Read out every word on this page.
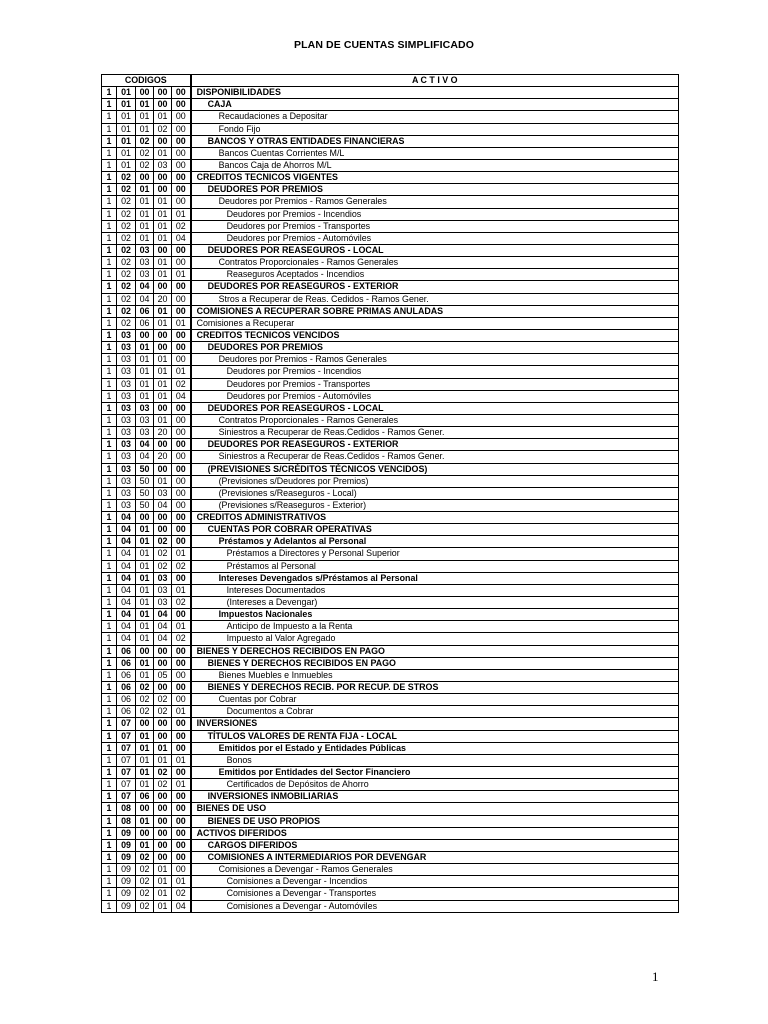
PLAN DE CUENTAS SIMPLIFICADO
CODIGOS					A C T I V O
1	01	00	00	00	DISPONIBILIDADES
1	01	01	00	00	CAJA
1	01	01	01	00	Recaudaciones a Depositar
1	01	01	02	00	Fondo Fijo
1	01	02	00	00	BANCOS Y OTRAS ENTIDADES FINANCIERAS
1	01	02	01	00	Bancos Cuentas Corrientes M/L
1	01	02	03	00	Bancos Caja de Ahorros M/L
1	02	00	00	00	CREDITOS TECNICOS VIGENTES
1	02	01	00	00	DEUDORES POR PREMIOS
1	02	01	01	00	Deudores por Premios - Ramos Generales
1	02	01	01	01	Deudores por Premios - Incendios
1	02	01	01	02	Deudores por Premios - Transportes
1	02	01	01	04	Deudores por Premios - Automóviles
1	02	03	00	00	DEUDORES POR REASEGUROS - LOCAL
1	02	03	01	00	Contratos Proporcionales - Ramos Generales
1	02	03	01	01	Reaseguros Aceptados - Incendios
1	02	04	00	00	DEUDORES POR REASEGUROS - EXTERIOR
1	02	04	20	00	Stros a Recuperar de Reas. Cedidos - Ramos Gener.
1	02	06	01	00	COMISIONES A RECUPERAR SOBRE PRIMAS ANULADAS
1	02	06	01	01	Comisiones a Recuperar
1	03	00	00	00	CREDITOS TECNICOS VENCIDOS
1	03	01	00	00	DEUDORES POR PREMIOS
1	03	01	01	00	Deudores por Premios - Ramos Generales
1	03	01	01	01	Deudores por Premios - Incendios
1	03	01	01	02	Deudores por Premios - Transportes
1	03	01	01	04	Deudores por Premios - Automóviles
1	03	03	00	00	DEUDORES POR REASEGUROS - LOCAL
1	03	03	01	00	Contratos Proporcionales - Ramos Generales
1	03	03	20	00	Siniestros a Recuperar de Reas.Cedidos - Ramos Gener.
1	03	04	00	00	DEUDORES POR REASEGUROS - EXTERIOR
1	03	04	20	00	Siniestros a Recuperar de Reas.Cedidos - Ramos Gener.
1	03	50	00	00	(PREVISIONES S/CRÉDITOS TÉCNICOS VENCIDOS)
1	03	50	01	00	(Previsiones s/Deudores por Premios)
1	03	50	03	00	(Previsiones s/Reaseguros - Local)
1	03	50	04	00	(Previsiones s/Reaseguros - Exterior)
1	04	00	00	00	CREDITOS ADMINISTRATIVOS
1	04	01	00	00	CUENTAS POR COBRAR OPERATIVAS
1	04	01	02	00	Préstamos y Adelantos al Personal
1	04	01	02	01	Préstamos a Directores y Personal Superior
1	04	01	02	02	Préstamos al Personal
1	04	01	03	00	Intereses Devengados s/Préstamos al Personal
1	04	01	03	01	Intereses Documentados
1	04	01	03	02	(Intereses a Devengar)
1	04	01	04	00	Impuestos Nacionales
1	04	01	04	01	Anticipo de Impuesto a la Renta
1	04	01	04	02	Impuesto al Valor Agregado
1	06	00	00	00	BIENES Y DERECHOS RECIBIDOS EN PAGO
1	06	01	00	00	BIENES Y DERECHOS RECIBIDOS EN PAGO
1	06	01	05	00	Bienes Muebles e Inmuebles
1	06	02	00	00	BIENES Y DERECHOS RECIB. POR RECUP. DE STROS
1	06	02	02	00	Cuentas por Cobrar
1	06	02	02	01	Documentos a Cobrar
1	07	00	00	00	INVERSIONES
1	07	01	00	00	TÍTULOS VALORES DE RENTA FIJA - LOCAL
1	07	01	01	00	Emitidos por el Estado y Entidades Públicas
1	07	01	01	01	Bonos
1	07	01	02	00	Emitidos por Entidades del Sector Financiero
1	07	01	02	01	Certificados de Depósitos de Ahorro
1	07	06	00	00	INVERSIONES INMOBILIARIAS
1	08	00	00	00	BIENES DE USO
1	08	01	00	00	BIENES DE USO PROPIOS
1	09	00	00	00	ACTIVOS DIFERIDOS
1	09	01	00	00	CARGOS DIFERIDOS
1	09	02	00	00	COMISIONES A INTERMEDIARIOS POR DEVENGAR
1	09	02	01	00	Comisiones a Devengar - Ramos Generales
1	09	02	01	01	Comisiones a Devengar - Incendios
1	09	02	01	02	Comisiones a Devengar - Transportes
1	09	02	01	04	Comisiones a Devengar - Automóviles
1
